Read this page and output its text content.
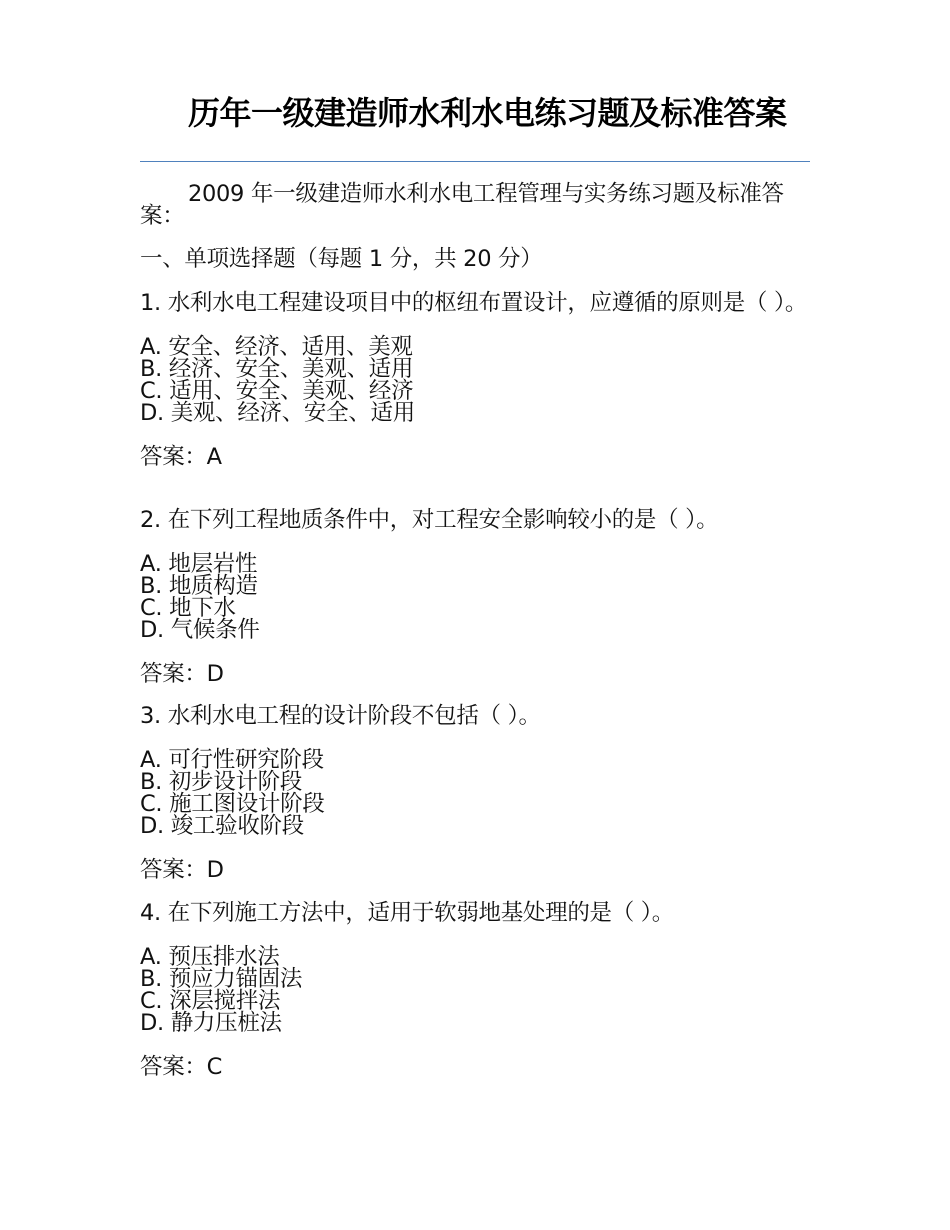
历年一级建造师水利水电练习题及标准答案

2009 年一级建造师水利水电工程管理与实务练习题及标准答案：

一、单项选择题（每题 1 分，共 20 分）

1. 水利水电工程建设项目中的枢纽布置设计，应遵循的原则是（ ）。

A. 安全、经济、适用、美观
B. 经济、安全、美观、适用
C. 适用、安全、美观、经济
D. 美观、经济、安全、适用

答案：A

2. 在下列工程地质条件中，对工程安全影响较小的是（ ）。

A. 地层岩性
B. 地质构造
C. 地下水
D. 气候条件

答案：D

3. 水利水电工程的设计阶段不包括（ ）。

A. 可行性研究阶段
B. 初步设计阶段
C. 施工图设计阶段
D. 竣工验收阶段

答案：D

4. 在下列施工方法中，适用于软弱地基处理的是（ ）。

A. 预压排水法
B. 预应力锚固法
C. 深层搅拌法
D. 静力压桩法

答案：C
